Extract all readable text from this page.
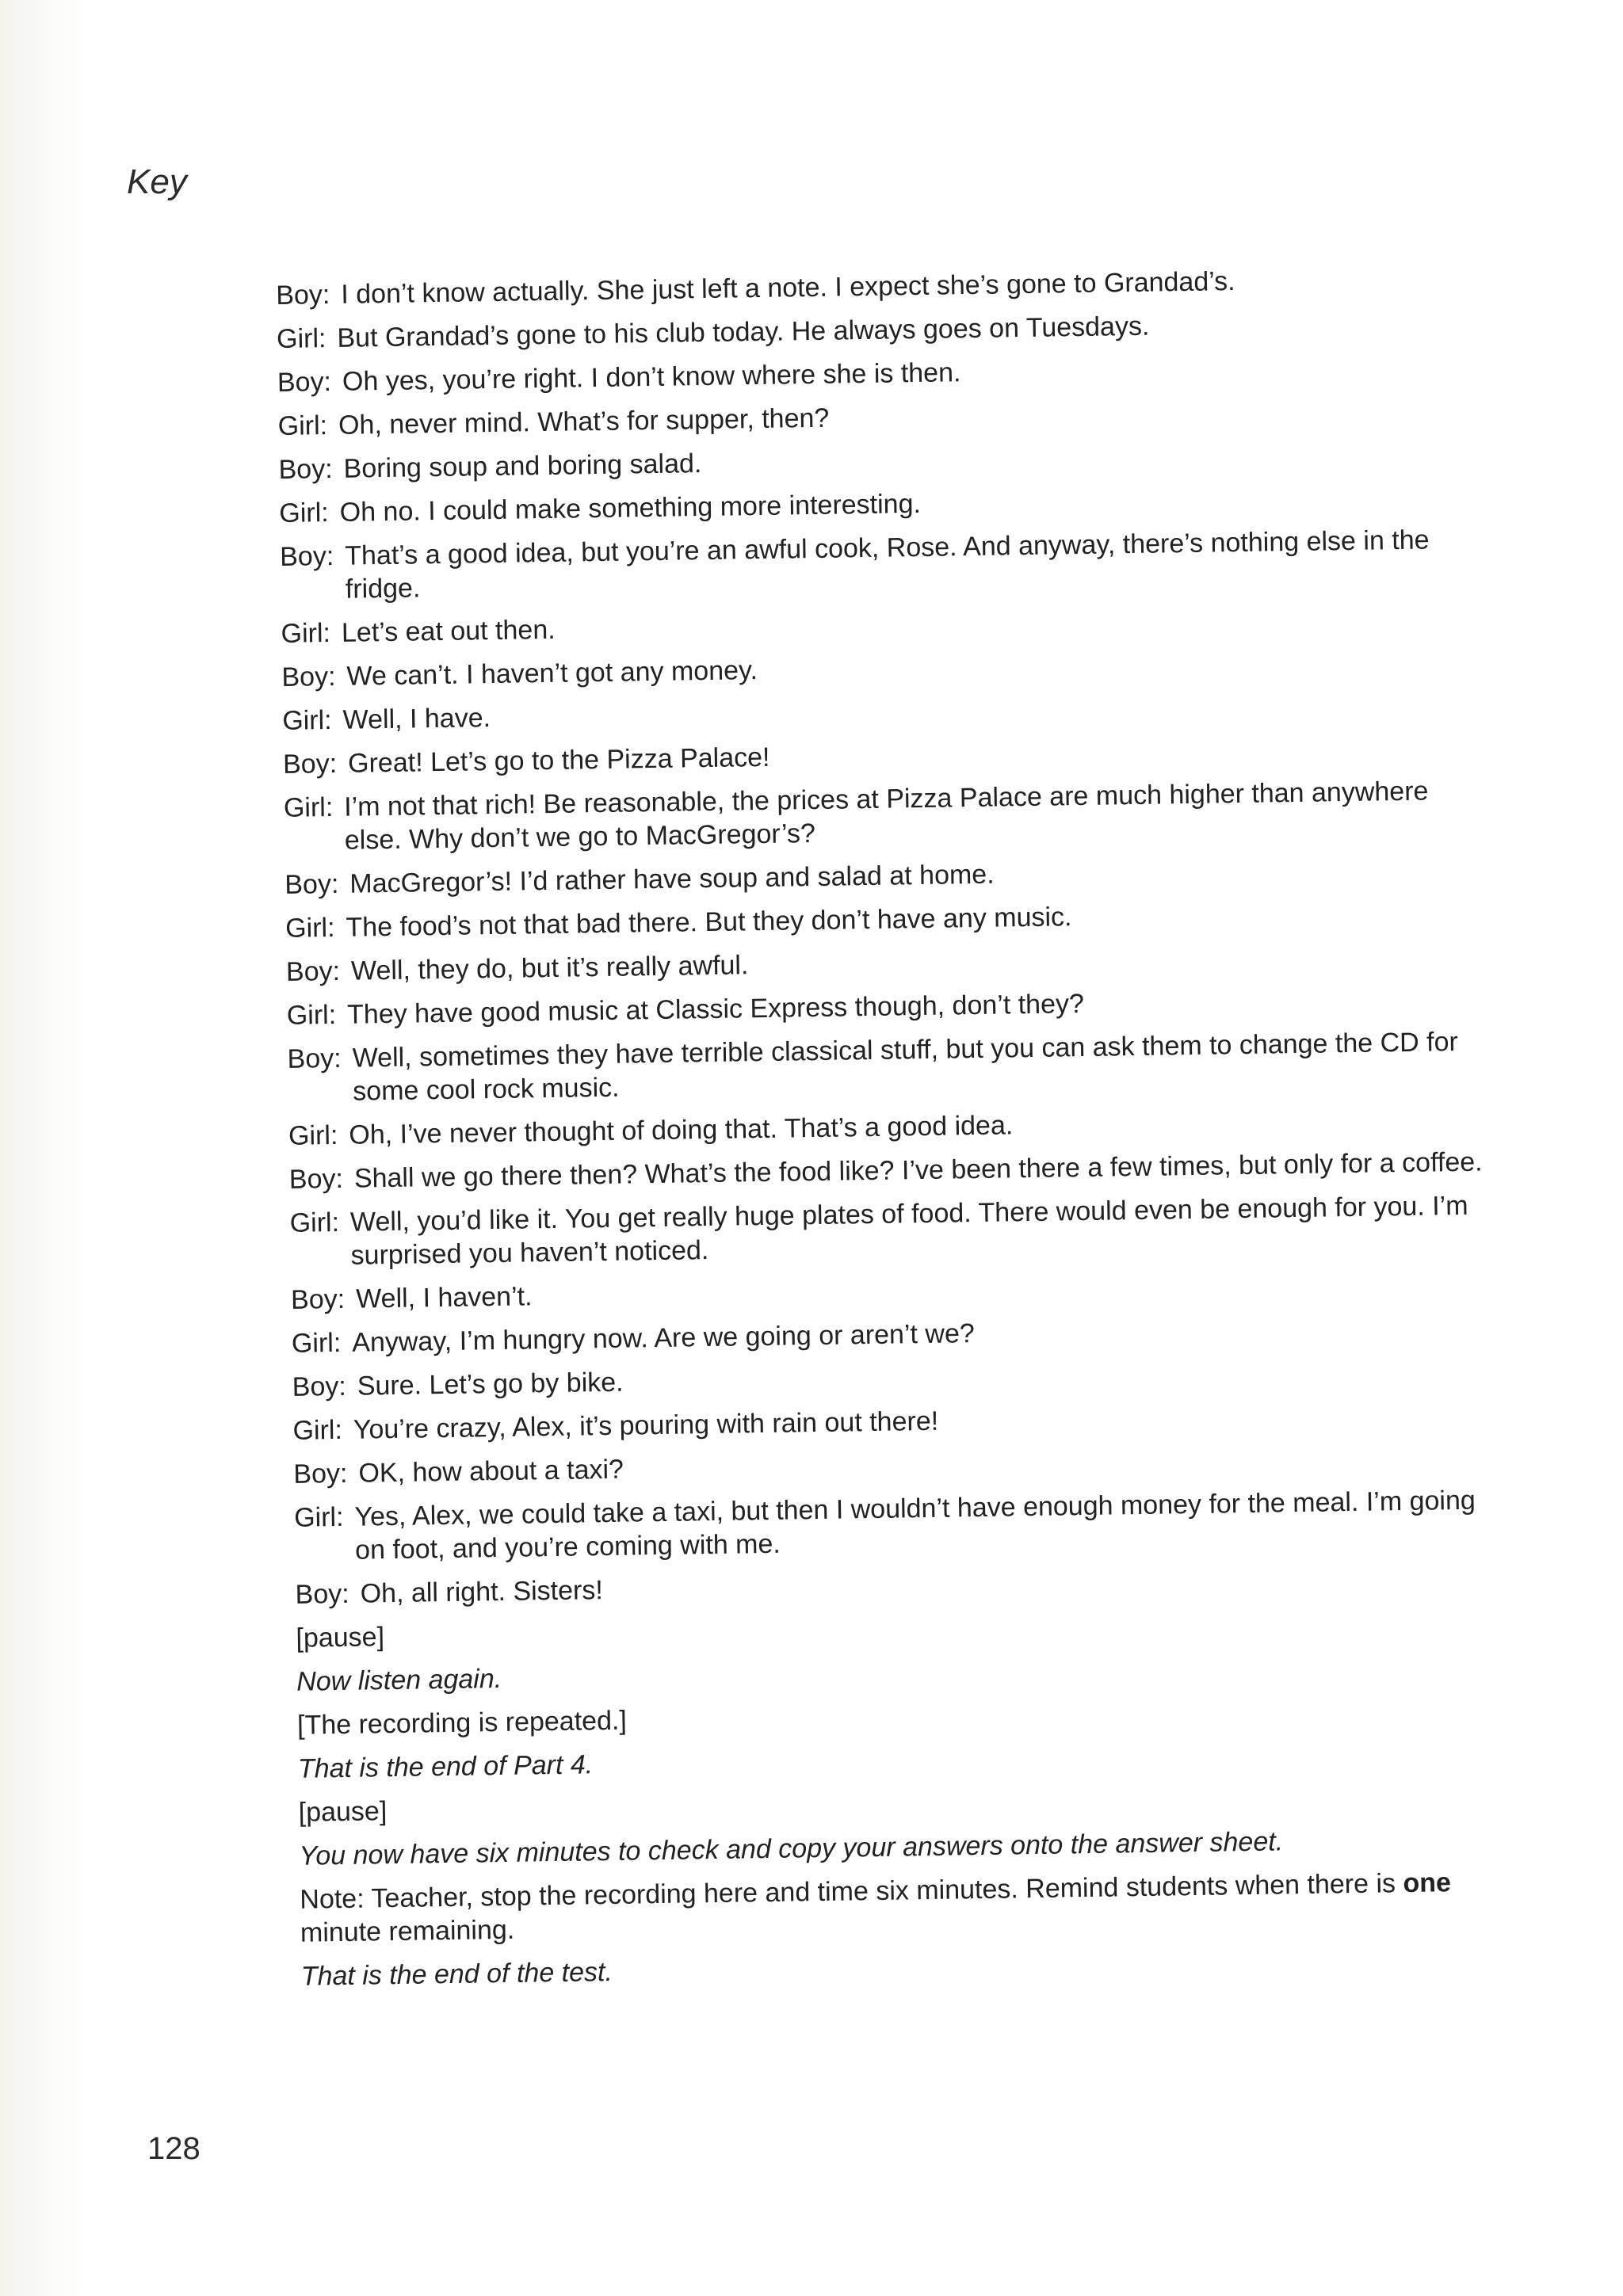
Key
Boy: I don’t know actually. She just left a note. I expect she’s gone to Grandad’s.
Girl: But Grandad’s gone to his club today. He always goes on Tuesdays.
Boy: Oh yes, you’re right. I don’t know where she is then.
Girl: Oh, never mind. What’s for supper, then?
Boy: Boring soup and boring salad.
Girl: Oh no. I could make something more interesting.
Boy: That’s a good idea, but you’re an awful cook, Rose. And anyway, there’s nothing else in the fridge.
Girl: Let’s eat out then.
Boy: We can’t. I haven’t got any money.
Girl: Well, I have.
Boy: Great! Let’s go to the Pizza Palace!
Girl: I’m not that rich! Be reasonable, the prices at Pizza Palace are much higher than anywhere else. Why don’t we go to MacGregor’s?
Boy: MacGregor’s! I’d rather have soup and salad at home.
Girl: The food’s not that bad there. But they don’t have any music.
Boy: Well, they do, but it’s really awful.
Girl: They have good music at Classic Express though, don’t they?
Boy: Well, sometimes they have terrible classical stuff, but you can ask them to change the CD for some cool rock music.
Girl: Oh, I’ve never thought of doing that. That’s a good idea.
Boy: Shall we go there then? What’s the food like? I’ve been there a few times, but only for a coffee.
Girl: Well, you’d like it. You get really huge plates of food. There would even be enough for you. I’m surprised you haven’t noticed.
Boy: Well, I haven’t.
Girl: Anyway, I’m hungry now. Are we going or aren’t we?
Boy: Sure. Let’s go by bike.
Girl: You’re crazy, Alex, it’s pouring with rain out there!
Boy: OK, how about a taxi?
Girl: Yes, Alex, we could take a taxi, but then I wouldn’t have enough money for the meal. I’m going on foot, and you’re coming with me.
Boy: Oh, all right. Sisters!
[pause]
Now listen again.
[The recording is repeated.]
That is the end of Part 4.
[pause]
You now have six minutes to check and copy your answers onto the answer sheet.
Note: Teacher, stop the recording here and time six minutes. Remind students when there is one minute remaining.
That is the end of the test.
128
